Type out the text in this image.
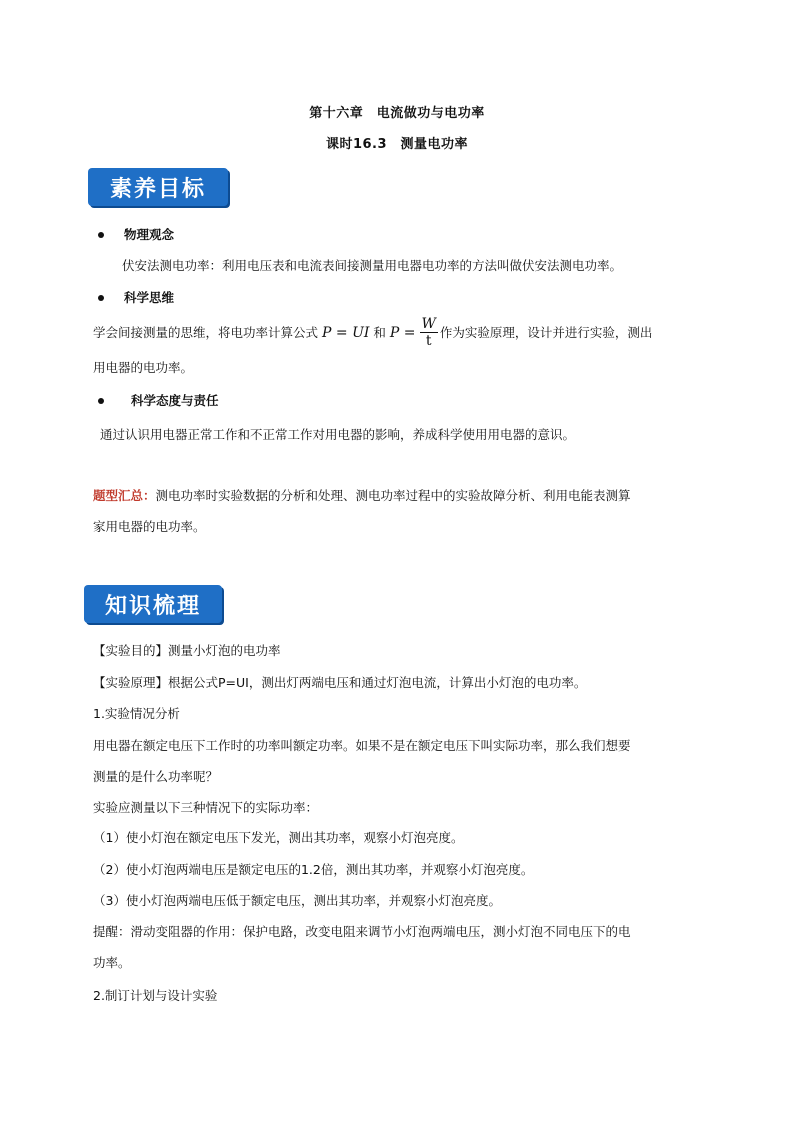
第十六章　电流做功与电功率
课时16.3　测量电功率
素养目标
物理观念
伏安法测电功率：利用电压表和电流表间接测量用电器电功率的方法叫做伏安法测电功率。
科学思维
学会间接测量的思维，将电功率计算公式 P = UI 和 $P = \frac{W}{t}$ 作为实验原理，设计并进行实验，测出
用电器的电功率。
科学态度与责任
通过认识用电器正常工作和不正常工作对用电器的影响，养成科学使用用电器的意识。
题型汇总：测电功率时实验数据的分析和处理、测电功率过程中的实验故障分析、利用电能表测算
家用电器的电功率。
知识梳理
【实验目的】测量小灯泡的电功率
【实验原理】根据公式P=UI，测出灯两端电压和通过灯泡电流，计算出小灯泡的电功率。
1.实验情况分析
用电器在额定电压下工作时的功率叫额定功率。如果不是在额定电压下叫实际功率，那么我们想要
测量的是什么功率呢？
实验应测量以下三种情况下的实际功率：
（1）使小灯泡在额定电压下发光，测出其功率，观察小灯泡亮度。
（2）使小灯泡两端电压是额定电压的1.2倍，测出其功率，并观察小灯泡亮度。
（3）使小灯泡两端电压低于额定电压，测出其功率，并观察小灯泡亮度。
提醒：滑动变阻器的作用：保护电路，改变电阻来调节小灯泡两端电压，测小灯泡不同电压下的电
功率。
2.制订计划与设计实验
